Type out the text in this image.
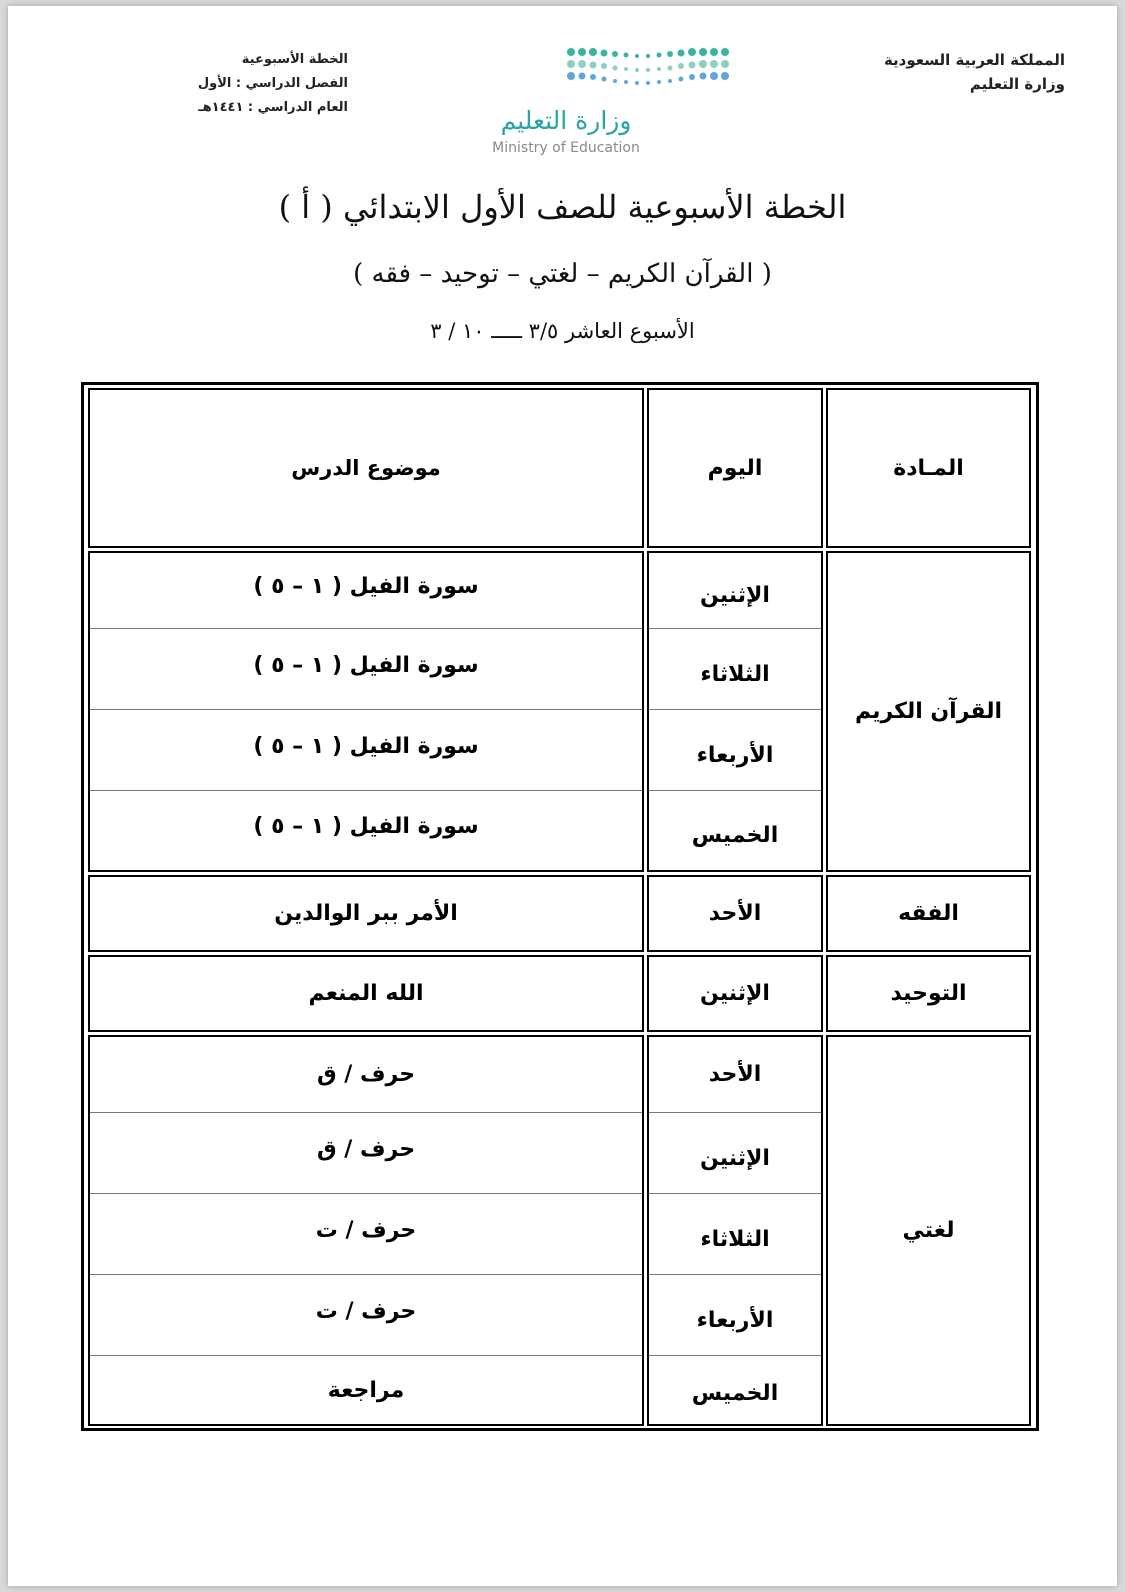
المملكة العربية السعودية
وزارة التعليم
الخطة الأسبوعية
الفصل الدراسي : الأول
العام الدراسي : ١٤٤١هـ	وزارة التعليم
Ministry of Education
الخطة الأسبوعية للصف الأول الابتدائي ( أ )
( القرآن الكريم – لغتي – توحيد – فقه )
الأسبوع العاشر ٣/٥ ـــــ ١٠ / ٣
المـادة
اليوم
موضوع الدرس
القرآن الكريم
الإثنين
سورة الفيل ( ١ – ٥ )
الثلاثاء
سورة الفيل ( ١ – ٥ )
الأربعاء
سورة الفيل ( ١ – ٥ )
الخميس
سورة الفيل ( ١ – ٥ )
الفقه
الأحد
الأمر ببر الوالدين
التوحيد
الإثنين
الله المنعم
لغتي
الأحد
حرف / ق
الإثنين
حرف / ق
الثلاثاء
حرف / ت
الأربعاء
حرف / ت
الخميس
مراجعة
